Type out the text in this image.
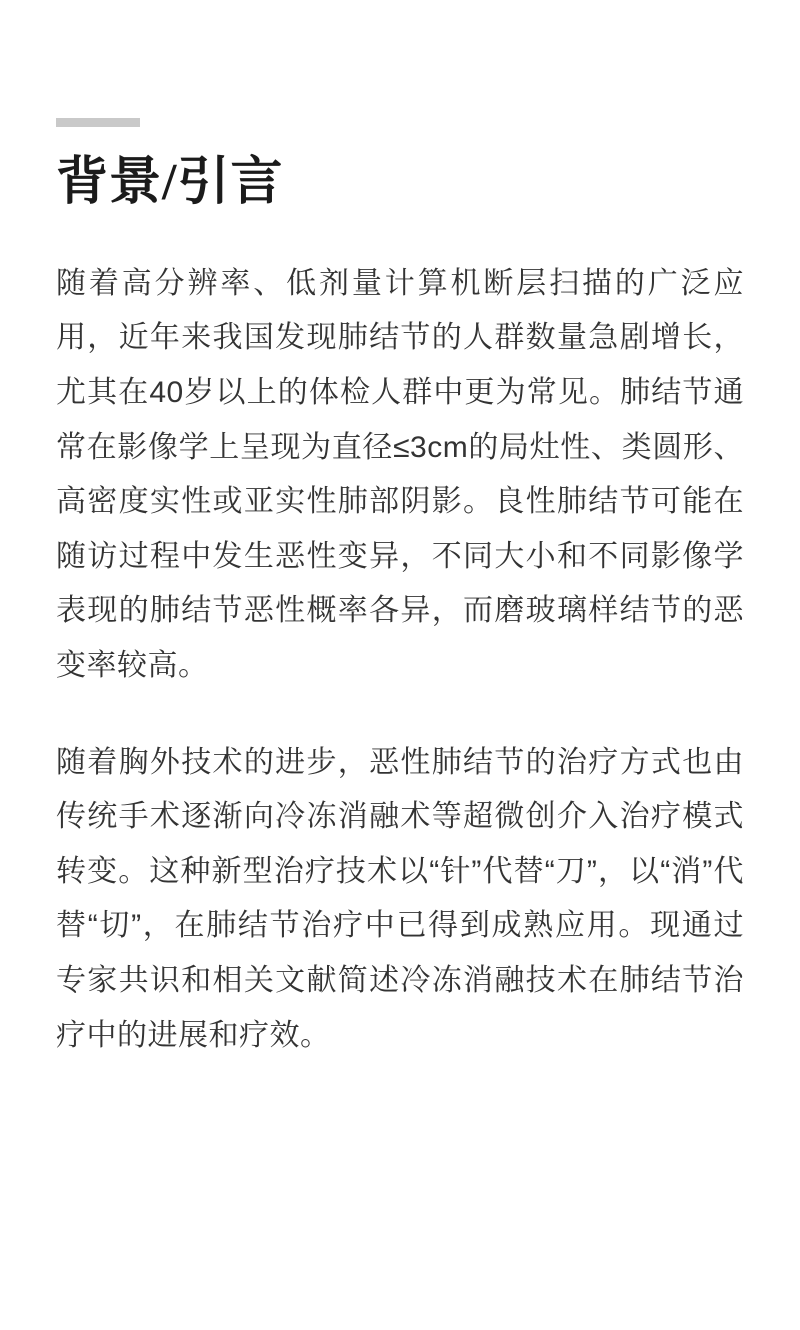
背景/引言

随着高分辨率、低剂量计算机断层扫描的广泛应用，近年来我国发现肺结节的人群数量急剧增长，尤其在40岁以上的体检人群中更为常见。肺结节通常在影像学上呈现为直径≤3cm的局灶性、类圆形、高密度实性或亚实性肺部阴影。良性肺结节可能在随访过程中发生恶性变异，不同大小和不同影像学表现的肺结节恶性概率各异，而磨玻璃样结节的恶变率较高。

随着胸外技术的进步，恶性肺结节的治疗方式也由传统手术逐渐向冷冻消融术等超微创介入治疗模式转变。这种新型治疗技术以“针”代替“刀”，以“消”代替“切”，在肺结节治疗中已得到成熟应用。现通过专家共识和相关文献简述冷冻消融技术在肺结节治疗中的进展和疗效。
